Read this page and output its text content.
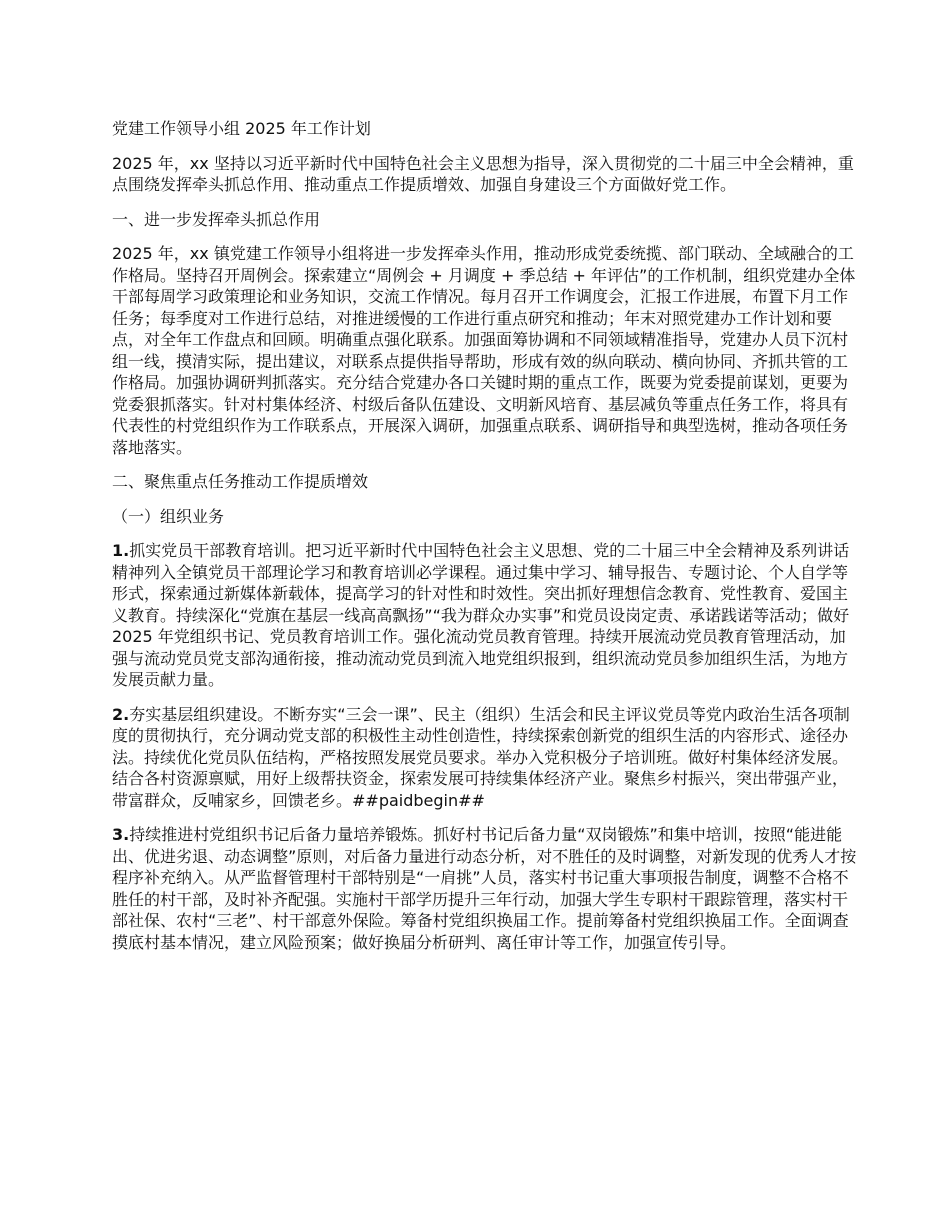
党建工作领导小组 2025 年工作计划

2025 年，xx 坚持以习近平新时代中国特色社会主义思想为指导，深入贯彻党的二十届三中全会精神，重点围绕发挥牵头抓总作用、推动重点工作提质增效、加强自身建设三个方面做好党工作。

一、进一步发挥牵头抓总作用

2025 年，xx 镇党建工作领导小组将进一步发挥牵头作用，推动形成党委统揽、部门联动、全域融合的工作格局。坚持召开周例会。探索建立“周例会 + 月调度 + 季总结 + 年评估”的工作机制，组织党建办全体干部每周学习政策理论和业务知识，交流工作情况。每月召开工作调度会，汇报工作进展，布置下月工作任务；每季度对工作进行总结，对推进缓慢的工作进行重点研究和推动；年末对照党建办工作计划和要点，对全年工作盘点和回顾。明确重点强化联系。加强面筹协调和不同领域精准指导，党建办人员下沉村组一线，摸清实际，提出建议，对联系点提供指导帮助，形成有效的纵向联动、横向协同、齐抓共管的工作格局。加强协调研判抓落实。充分结合党建办各口关键时期的重点工作，既要为党委提前谋划，更要为党委狠抓落实。针对村集体经济、村级后备队伍建设、文明新风培育、基层减负等重点任务工作，将具有代表性的村党组织作为工作联系点，开展深入调研，加强重点联系、调研指导和典型选树，推动各项任务落地落实。

二、聚焦重点任务推动工作提质增效

（一）组织业务

1.抓实党员干部教育培训。把习近平新时代中国特色社会主义思想、党的二十届三中全会精神及系列讲话精神列入全镇党员干部理论学习和教育培训必学课程。通过集中学习、辅导报告、专题讨论、个人自学等形式，探索通过新媒体新载体，提高学习的针对性和时效性。突出抓好理想信念教育、党性教育、爱国主义教育。持续深化“党旗在基层一线高高飘扬”“我为群众办实事”和党员设岗定责、承诺践诺等活动；做好 2025 年党组织书记、党员教育培训工作。强化流动党员教育管理。持续开展流动党员教育管理活动，加强与流动党员党支部沟通衔接，推动流动党员到流入地党组织报到，组织流动党员参加组织生活，为地方发展贡献力量。

2.夯实基层组织建设。不断夯实“三会一课”、民主（组织）生活会和民主评议党员等党内政治生活各项制度的贯彻执行，充分调动党支部的积极性主动性创造性，持续探索创新党的组织生活的内容形式、途径办法。持续优化党员队伍结构，严格按照发展党员要求。举办入党积极分子培训班。做好村集体经济发展。结合各村资源禀赋，用好上级帮扶资金，探索发展可持续集体经济产业。聚焦乡村振兴，突出带强产业，带富群众，反哺家乡，回馈老乡。##paidbegin##

3.持续推进村党组织书记后备力量培养锻炼。抓好村书记后备力量“双岗锻炼”和集中培训，按照“能进能出、优进劣退、动态调整”原则，对后备力量进行动态分析，对不胜任的及时调整，对新发现的优秀人才按程序补充纳入。从严监督管理村干部特别是“一肩挑”人员，落实村书记重大事项报告制度，调整不合格不胜任的村干部，及时补齐配强。实施村干部学历提升三年行动，加强大学生专职村干跟踪管理，落实村干部社保、农村“三老”、村干部意外保险。筹备村党组织换届工作。提前筹备村党组织换届工作。全面调查摸底村基本情况，建立风险预案；做好换届分析研判、离任审计等工作，加强宣传引导。
